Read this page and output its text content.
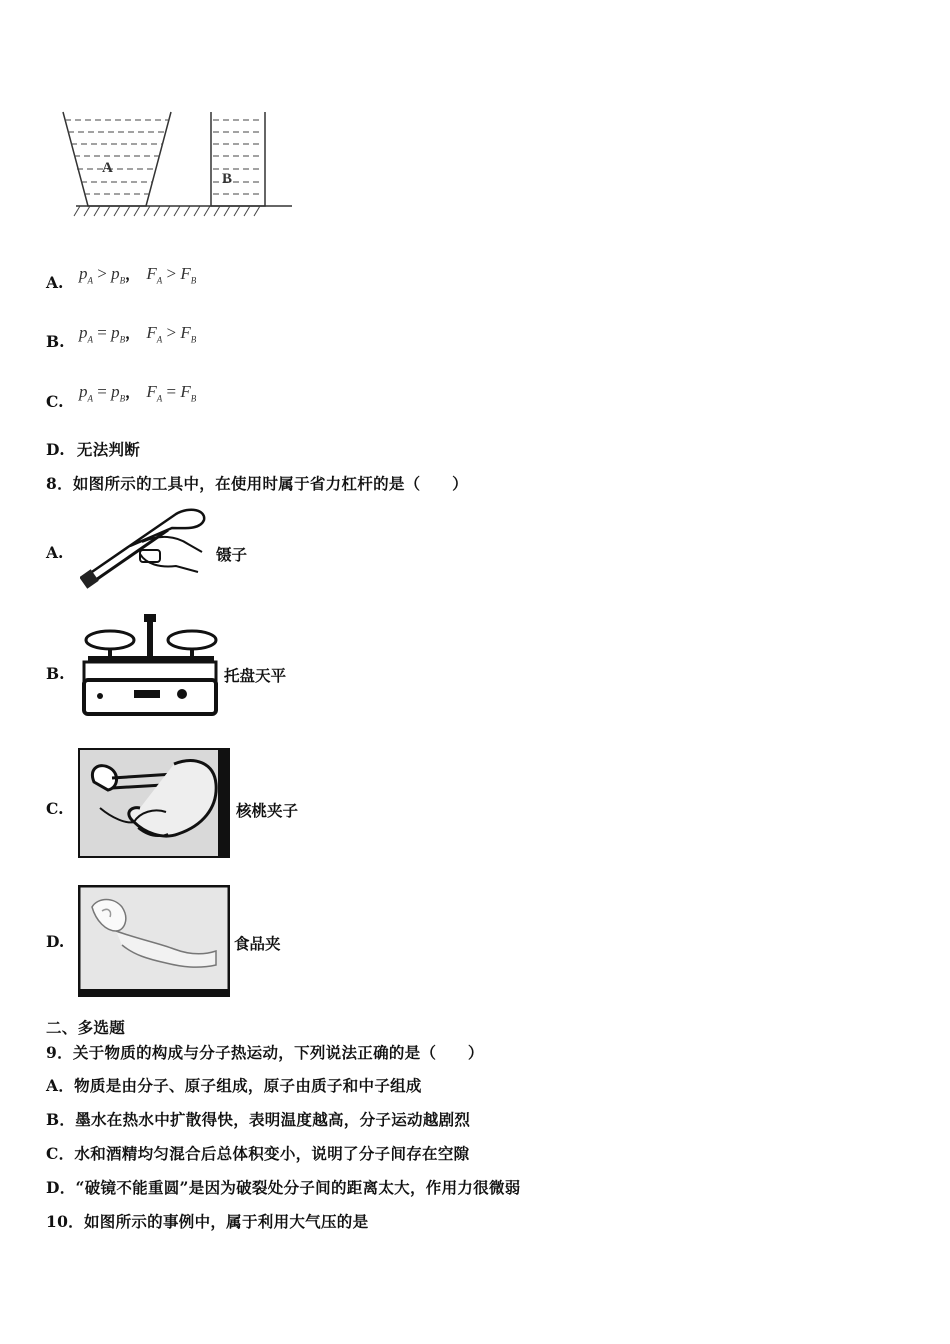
A
B
A. $p_A > p_B$， $F_A > F_B$
B. $p_A = p_B$， $F_A > F_B$
C.
$p_A = p_B$， $F_A = F_B$
D. 无法判断
8．如图所示的工具中，在使用时属于省力杠杆的是（　　）
A.	镊子
B.	托盘天平
C.	核桃夹子
D.	食品夹
二、多选题
9．关于物质的构成与分子热运动，下列说法正确的是（　　）
A．物质是由分子、原子组成，原子由质子和中子组成
B．墨水在热水中扩散得快，表明温度越高，分子运动越剧烈
C．水和酒精均匀混合后总体积变小，说明了分子间存在空隙
D．“破镜不能重圆”是因为破裂处分子间的距离太大，作用力很微弱
10．如图所示的事例中，属于利用大气压的是
